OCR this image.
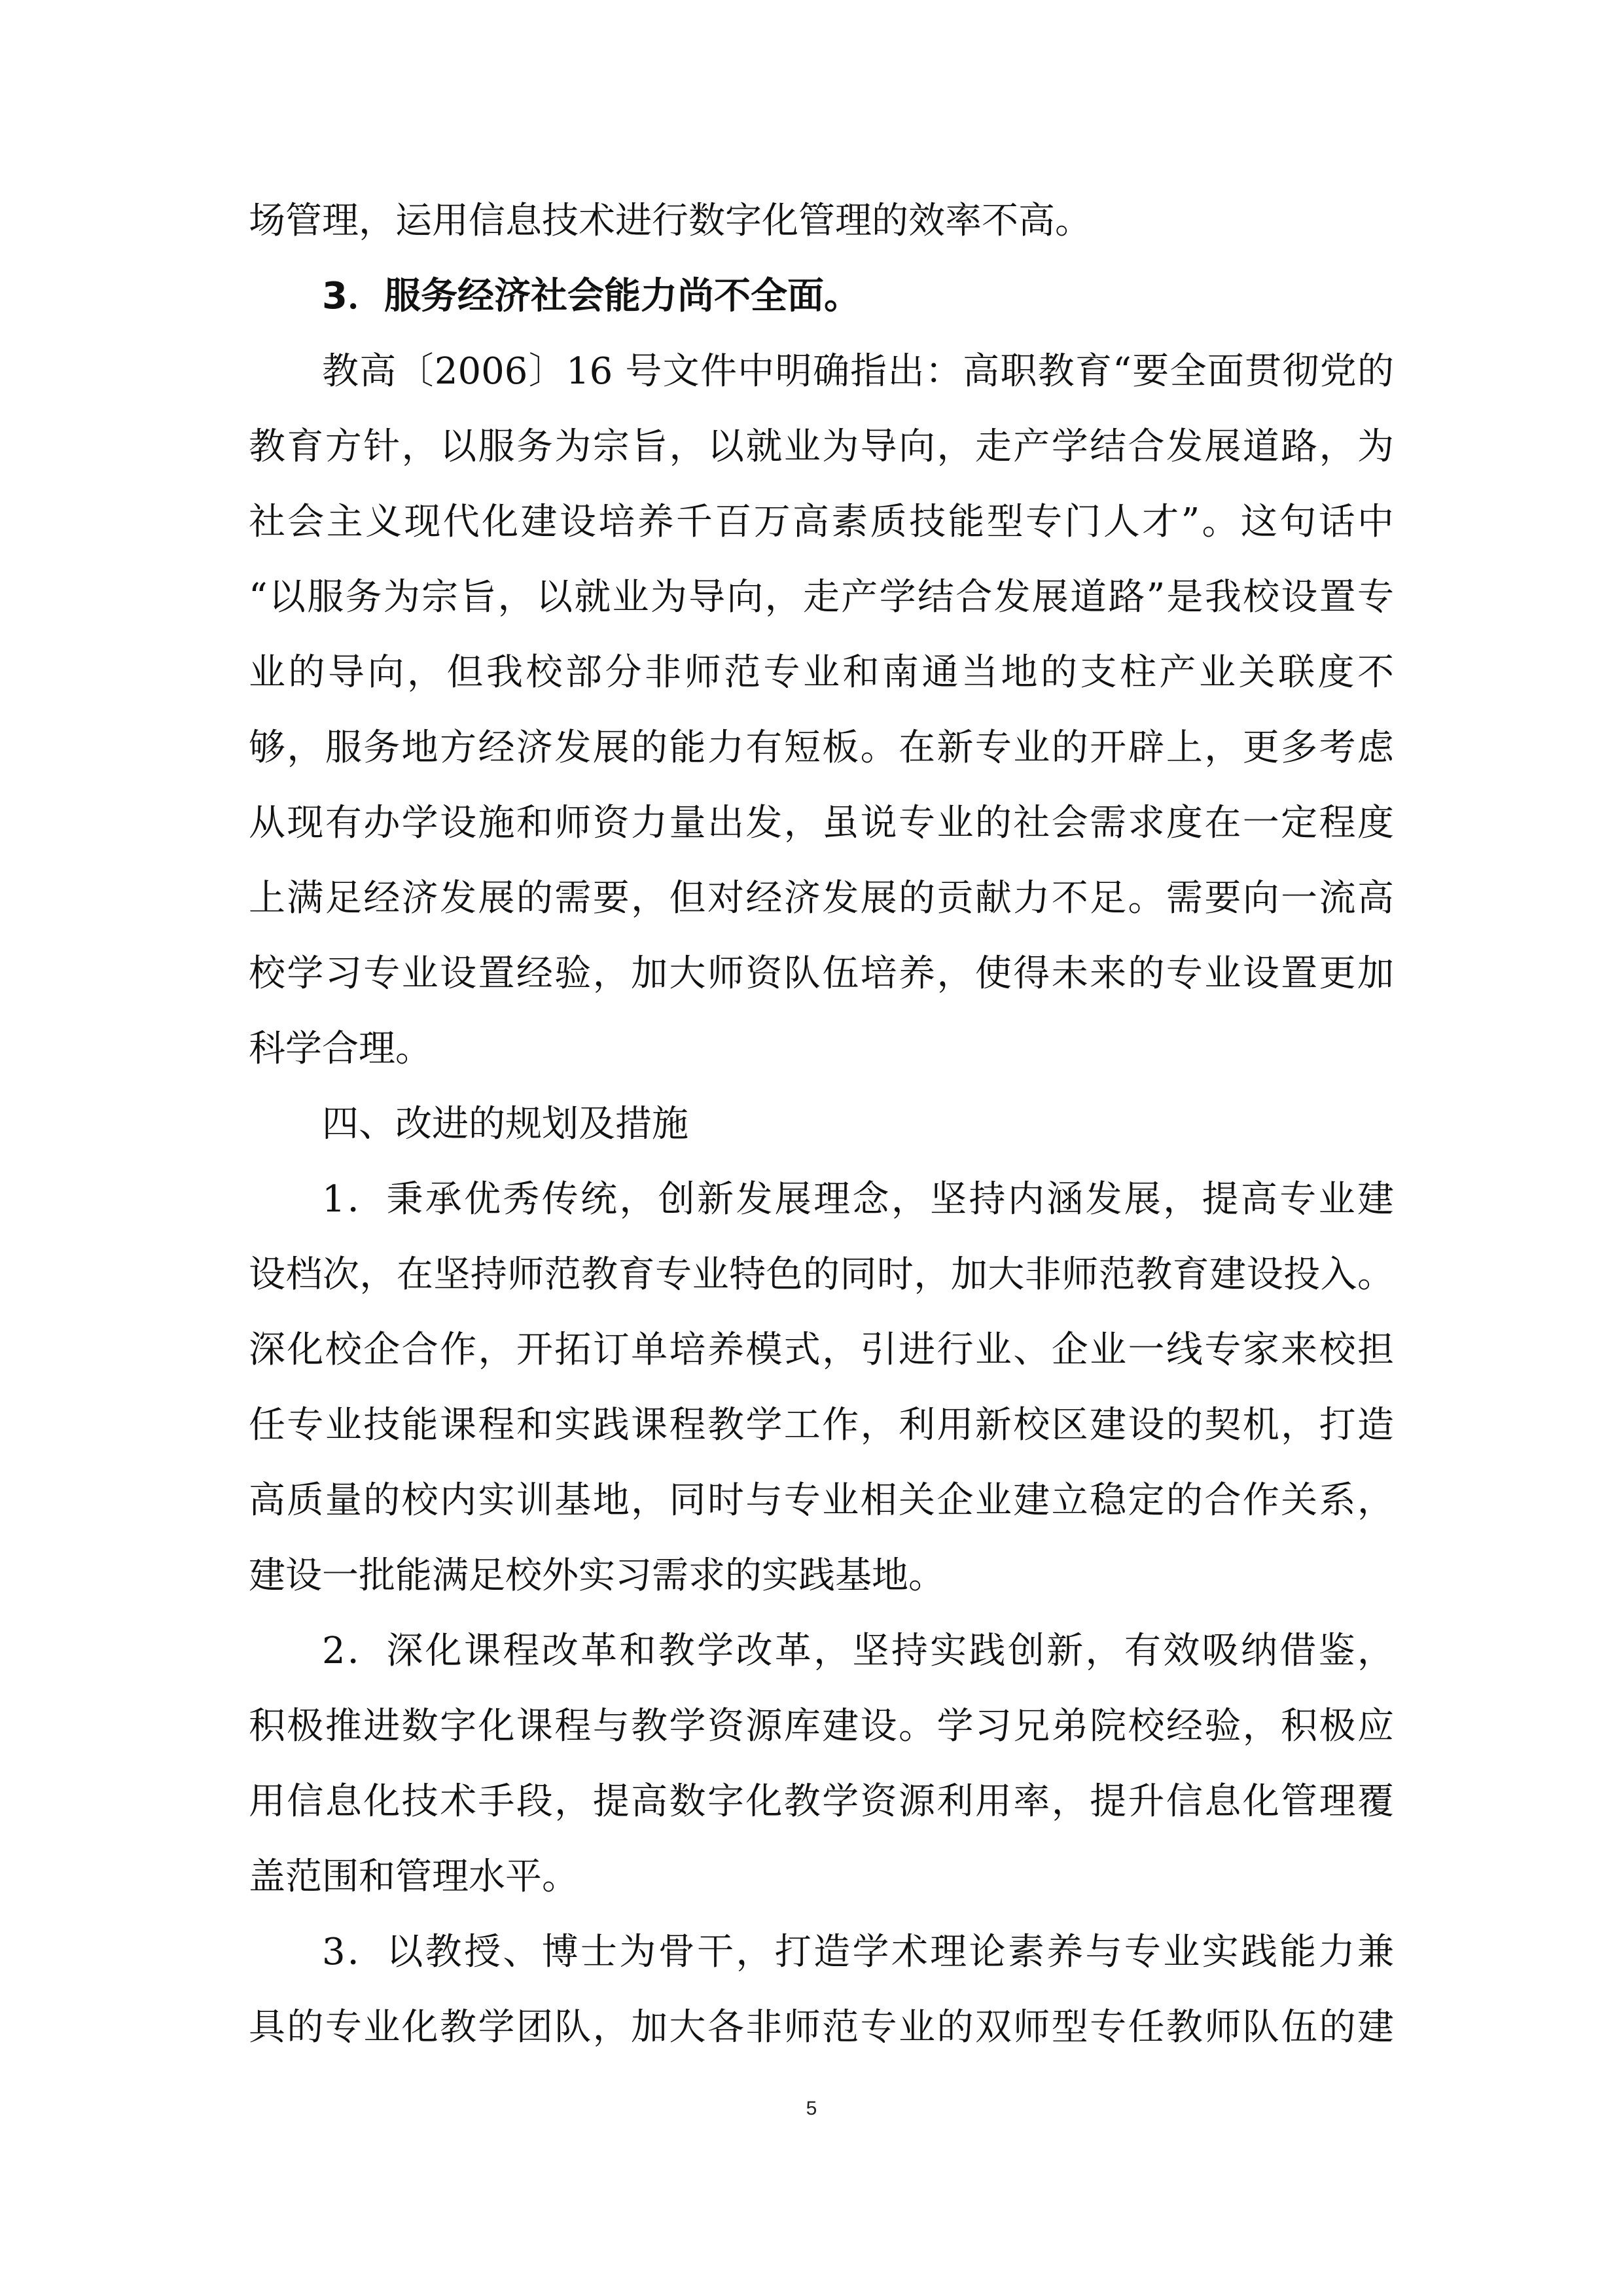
场管理，运用信息技术进行数字化管理的效率不高。
3．服务经济社会能力尚不全面。
教高〔2006〕16 号文件中明确指出：高职教育“要全面贯彻党的
教育方针，以服务为宗旨，以就业为导向，走产学结合发展道路，为
社会主义现代化建设培养千百万高素质技能型专门人才”。这句话中
“以服务为宗旨，以就业为导向，走产学结合发展道路”是我校设置专
业的导向，但我校部分非师范专业和南通当地的支柱产业关联度不
够，服务地方经济发展的能力有短板。在新专业的开辟上，更多考虑
从现有办学设施和师资力量出发，虽说专业的社会需求度在一定程度
上满足经济发展的需要，但对经济发展的贡献力不足。需要向一流高
校学习专业设置经验，加大师资队伍培养，使得未来的专业设置更加
科学合理。
四、改进的规划及措施
1．秉承优秀传统，创新发展理念，坚持内涵发展，提高专业建
设档次，在坚持师范教育专业特色的同时，加大非师范教育建设投入。
深化校企合作，开拓订单培养模式，引进行业、企业一线专家来校担
任专业技能课程和实践课程教学工作，利用新校区建设的契机，打造
高质量的校内实训基地，同时与专业相关企业建立稳定的合作关系，
建设一批能满足校外实习需求的实践基地。
2．深化课程改革和教学改革，坚持实践创新，有效吸纳借鉴，
积极推进数字化课程与教学资源库建设。学习兄弟院校经验，积极应
用信息化技术手段，提高数字化教学资源利用率，提升信息化管理覆
盖范围和管理水平。
3．以教授、博士为骨干，打造学术理论素养与专业实践能力兼
具的专业化教学团队，加大各非师范专业的双师型专任教师队伍的建
5
